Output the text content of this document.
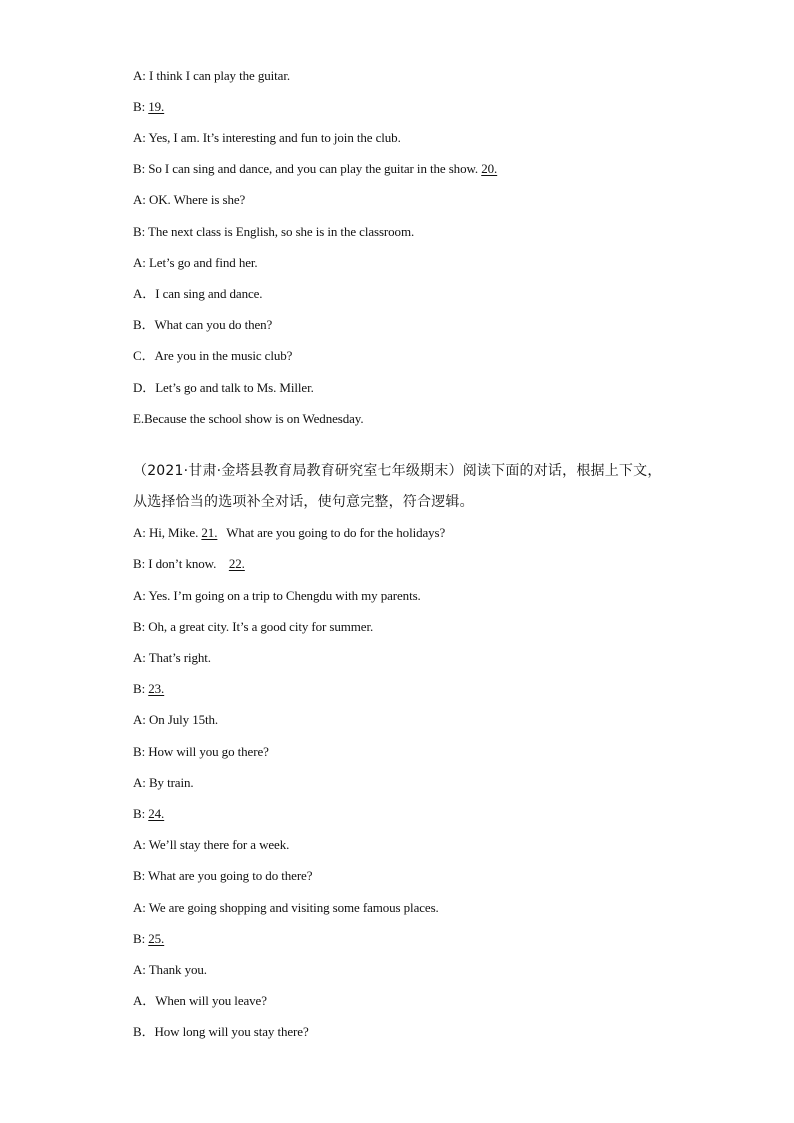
A: I think I can play the guitar.
B: 19.
A: Yes, I am. It’s interesting and fun to join the club.
B: So I can sing and dance, and you can play the guitar in the show. 20.
A: OK. Where is she?
B: The next class is English, so she is in the classroom.
A: Let’s go and find her.
A．I can sing and dance.
B．What can you do then?
C．Are you in the music club?
D．Let’s go and talk to Ms. Miller.
E.Because the school show is on Wednesday.
（2021·甘肃·金塔县教育局教育研究室七年级期末）阅读下面的对话，根据上下文，从选择恰当的选项补全对话，使句意完整，符合逻辑。
A: Hi, Mike. 21. What are you going to do for the holidays?
B: I don’t know.    22.
A: Yes. I’m going on a trip to Chengdu with my parents.
B: Oh, a great city. It’s a good city for summer.
A: That’s right.
B: 23.
A: On July 15th.
B: How will you go there?
A: By train.
B: 24.
A: We’ll stay there for a week.
B: What are you going to do there?
A: We are going shopping and visiting some famous places.
B: 25.
A: Thank you.
A．When will you leave?
B．How long will you stay there?
